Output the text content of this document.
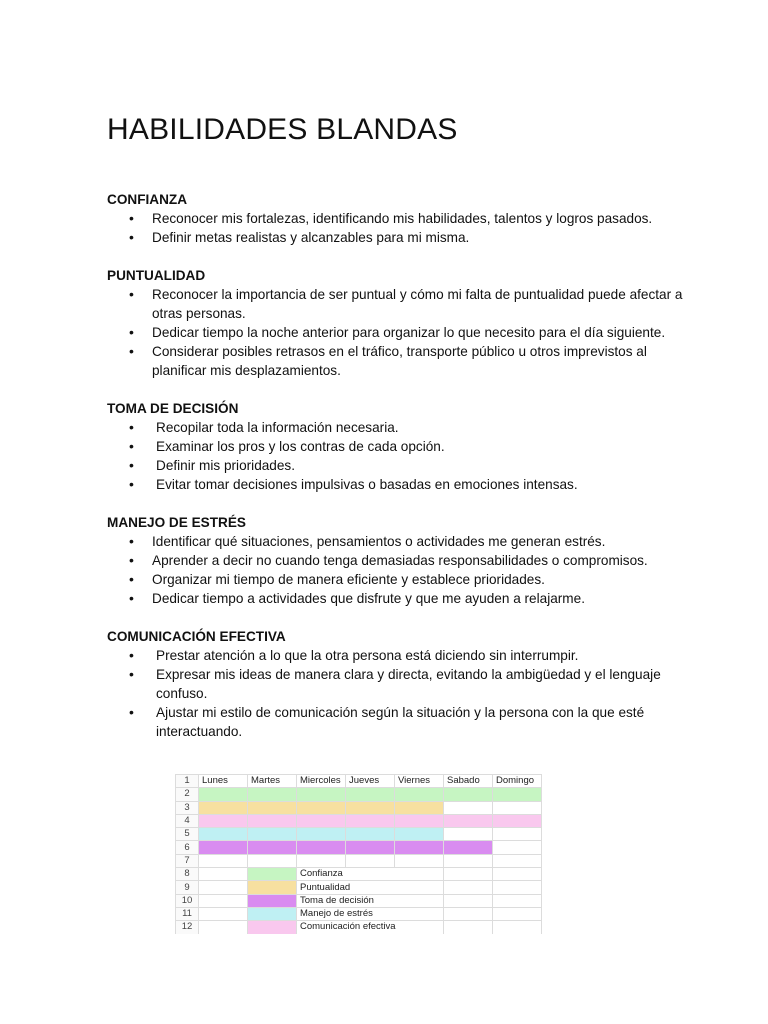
HABILIDADES BLANDAS
CONFIANZA
• Reconocer mis fortalezas, identificando mis habilidades, talentos y logros pasados.
• Definir metas realistas y alcanzables para mi misma.
PUNTUALIDAD
• Reconocer la importancia de ser puntual y cómo mi falta de puntualidad puede afectar a otras personas.
• Dedicar tiempo la noche anterior para organizar lo que necesito para el día siguiente.
• Considerar posibles retrasos en el tráfico, transporte público u otros imprevistos al planificar mis desplazamientos.
TOMA DE DECISIÓN
• Recopilar toda la información necesaria.
• Examinar los pros y los contras de cada opción.
• Definir mis prioridades.
• Evitar tomar decisiones impulsivas o basadas en emociones intensas.
MANEJO DE ESTRÉS
• Identificar qué situaciones, pensamientos o actividades me generan estrés.
• Aprender a decir no cuando tenga demasiadas responsabilidades o compromisos.
• Organizar mi tiempo de manera eficiente y establece prioridades.
• Dedicar tiempo a actividades que disfrute y que me ayuden a relajarme.
COMUNICACIÓN EFECTIVA
• Prestar atención a lo que la otra persona está diciendo sin interrumpir.
• Expresar mis ideas de manera clara y directa, evitando la ambigüedad y el lenguaje confuso.
• Ajustar mi estilo de comunicación según la situación y la persona con la que esté interactuando.
1	Lunes	Martes	Miercoles	Jueves	Viernes	Sabado	Domingo
2							
3							
4							
5							
6							
7							
8			Confianza				
9			Puntualidad				
10			Toma de decisión				
11			Manejo de estrés				
12			Comunicación efectiva				
